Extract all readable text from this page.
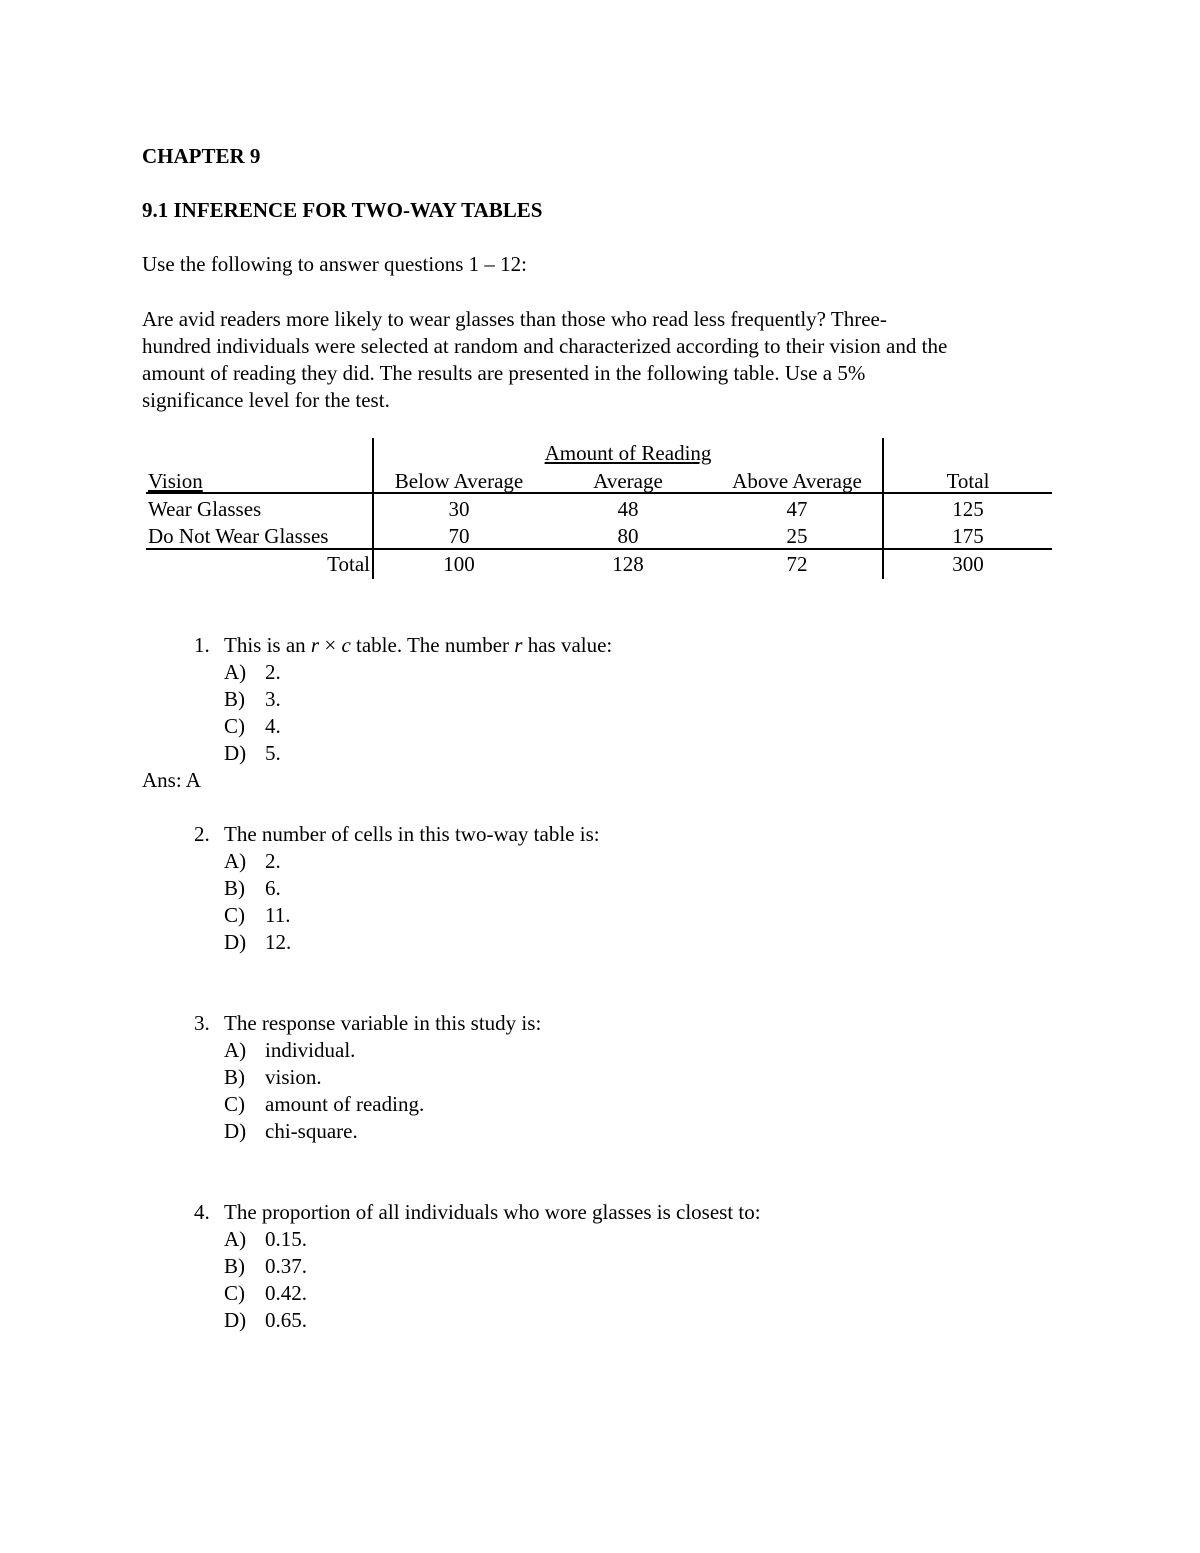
CHAPTER 9
9.1 INFERENCE FOR TWO-WAY TABLES
Use the following to answer questions 1 – 12:
Are avid readers more likely to wear glasses than those who read less frequently? Three-
hundred individuals were selected at random and characterized according to their vision and the
amount of reading they did. The results are presented in the following table. Use a 5%
significance level for the test.
Amount of Reading
Vision	Below Average	Average	Above Average	Total
Wear Glasses	30	48	47	125
Do Not Wear Glasses	70	80	25	175
Total	100	128	72	300
1. This is an r × c table. The number r has value:
A) 2.
B) 3.
C) 4.
D) 5.
Ans: A
2. The number of cells in this two-way table is:
A) 2.
B) 6.
C) 11.
D) 12.
3. The response variable in this study is:
A) individual.
B) vision.
C) amount of reading.
D) chi-square.
4. The proportion of all individuals who wore glasses is closest to:
A) 0.15.
B) 0.37.
C) 0.42.
D) 0.65.
